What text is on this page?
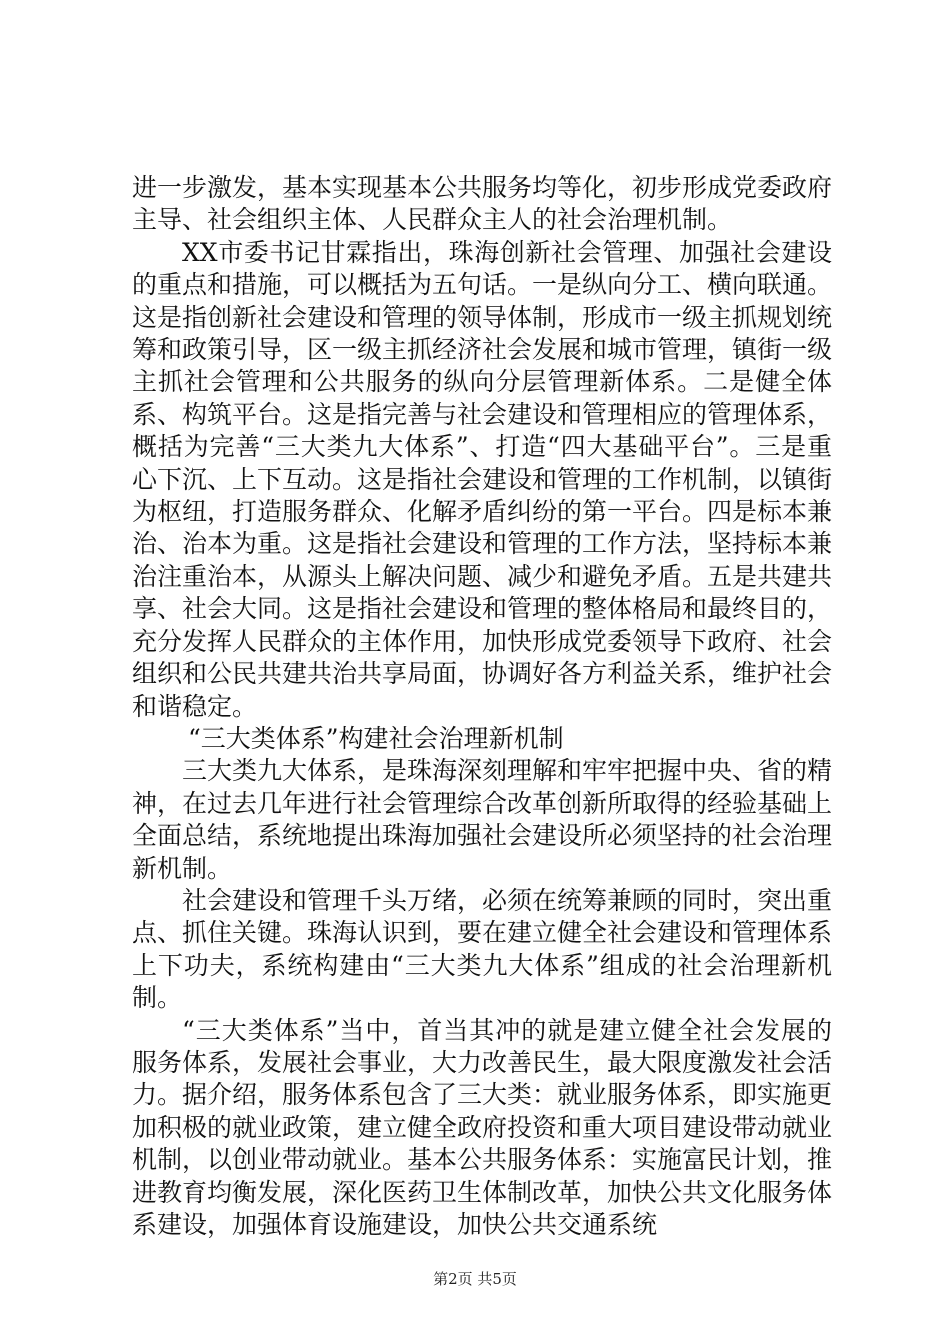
进一步激发，基本实现基本公共服务均等化，初步形成党委政府主导、社会组织主体、人民群众主人的社会治理机制。

XX市委书记甘霖指出，珠海创新社会管理、加强社会建设的重点和措施，可以概括为五句话。一是纵向分工、横向联通。这是指创新社会建设和管理的领导体制，形成市一级主抓规划统筹和政策引导，区一级主抓经济社会发展和城市管理，镇街一级主抓社会管理和公共服务的纵向分层管理新体系。二是健全体系、构筑平台。这是指完善与社会建设和管理相应的管理体系，概括为完善“三大类九大体系”、打造“四大基础平台”。三是重心下沉、上下互动。这是指社会建设和管理的工作机制，以镇街为枢纽，打造服务群众、化解矛盾纠纷的第一平台。四是标本兼治、治本为重。这是指社会建设和管理的工作方法，坚持标本兼治注重治本，从源头上解决问题、减少和避免矛盾。五是共建共享、社会大同。这是指社会建设和管理的整体格局和最终目的，充分发挥人民群众的主体作用，加快形成党委领导下政府、社会组织和公民共建共治共享局面，协调好各方利益关系，维护社会和谐稳定。

“三大类体系”构建社会治理新机制

三大类九大体系，是珠海深刻理解和牢牢把握中央、省的精神，在过去几年进行社会管理综合改革创新所取得的经验基础上全面总结，系统地提出珠海加强社会建设所必须坚持的社会治理新机制。

社会建设和管理千头万绪，必须在统筹兼顾的同时，突出重点、抓住关键。珠海认识到，要在建立健全社会建设和管理体系上下功夫，系统构建由“三大类九大体系”组成的社会治理新机制。

“三大类体系”当中，首当其冲的就是建立健全社会发展的服务体系，发展社会事业，大力改善民生，最大限度激发社会活力。据介绍，服务体系包含了三大类：就业服务体系，即实施更加积极的就业政策，建立健全政府投资和重大项目建设带动就业机制，以创业带动就业。基本公共服务体系：实施富民计划，推进教育均衡发展，深化医药卫生体制改革，加快公共文化服务体系建设，加强体育设施建设，加快公共交通系统

第2页 共5页
